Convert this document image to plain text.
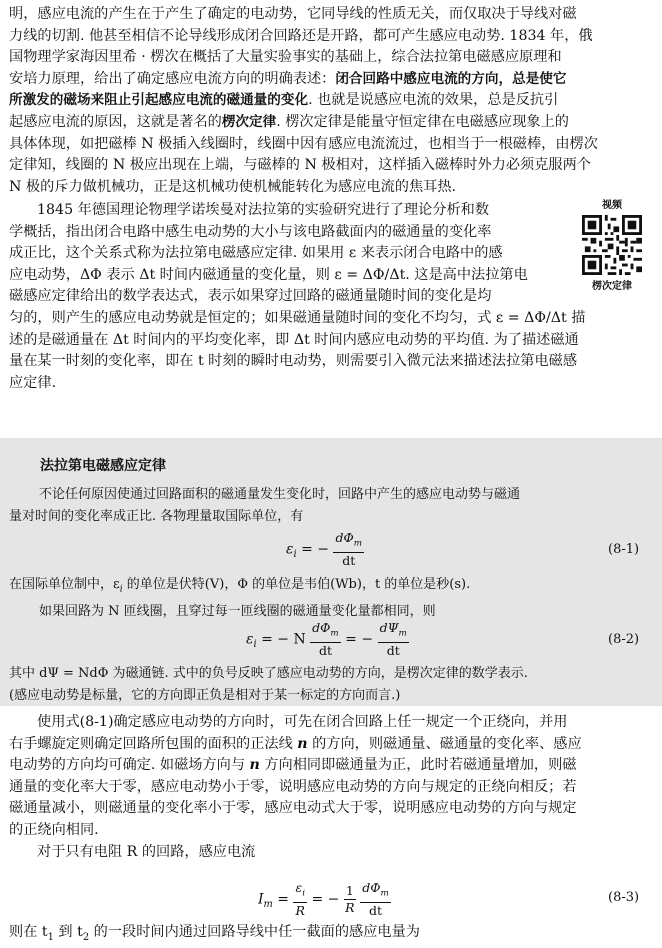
明，感应电流的产生在于产生了确定的电动势，它同导线的性质无关，而仅取决于导线对磁
力线的切割. 他甚至相信不论导线形成闭合回路还是开路，都可产生感应电动势. 1834 年，俄
国物理学家海因里希 · 楞次在概括了大量实验事实的基础上，综合法拉第电磁感应原理和
安培力原理，给出了确定感应电流方向的明确表述：闭合回路中感应电流的方向，总是使它
所激发的磁场来阻止引起感应电流的磁通量的变化. 也就是说感应电流的效果，总是反抗引
起感应电流的原因，这就是著名的楞次定律. 楞次定律是能量守恒定律在电磁感应现象上的
具体体现，如把磁棒 N 极插入线圈时，线圈中因有感应电流流过，也相当于一根磁棒，由楞次
定律知，线圈的 N 极应出现在上端，与磁棒的 N 极相对，这样插入磁棒时外力必须克服两个
N 极的斥力做机械功，正是这机械功使机械能转化为感应电流的焦耳热.
1845 年德国理论物理学诺埃曼对法拉第的实验研究进行了理论分析和数
学概括，指出闭合电路中感生电动势的大小与该电路截面内的磁通量的变化率
成正比，这个关系式称为法拉第电磁感应定律. 如果用 ε 来表示闭合电路中的感
应电动势，ΔΦ 表示 Δt 时间内磁通量的变化量，则 ε = ΔΦ/Δt. 这是高中法拉第电
磁感应定律给出的数学表达式，表示如果穿过回路的磁通量随时间的变化是均
匀的，则产生的感应电动势就是恒定的；如果磁通量随时间的变化不均匀，式 ε = ΔΦ/Δt 描
述的是磁通量在 Δt 时间内的平均变化率，即 Δt 时间内感应电动势的平均值. 为了描述磁通
量在某一时刻的变化率，即在 t 时刻的瞬时电动势，则需要引入微元法来描述法拉第电磁感
应定律.
视频
楞次定律
法拉第电磁感应定律
不论任何原因使通过回路面积的磁通量发生变化时，回路中产生的感应电动势与磁通
量对时间的变化率成正比. 各物理量取国际单位，有
$\varepsilon_i$ = − $\frac{d\Phi_m}{dt}$	(8-1)
在国际单位制中，$\varepsilon_i$ 的单位是伏特(V)，Φ 的单位是韦伯(Wb)，t 的单位是秒(s).
如果回路为 N 匝线圈，且穿过每一匝线圈的磁通量变化量都相同，则
$\varepsilon_i$ = − N $\frac{d\Phi_m}{dt}$ = − $\frac{d\Psi_m}{dt}$	(8-2)
其中 dΨ = NdΦ 为磁通链. 式中的负号反映了感应电动势的方向，是楞次定律的数学表示.
(感应电动势是标量，它的方向即正负是相对于某一标定的方向而言.)
使用式(8-1)确定感应电动势的方向时，可先在闭合回路上任一规定一个正绕向，并用
右手螺旋定则确定回路所包围的面积的正法线 n 的方向，则磁通量、磁通量的变化率、感应
电动势的方向均可确定. 如磁场方向与 n 方向相同即磁通量为正，此时若磁通量增加，则磁
通量的变化率大于零，感应电动势小于零，说明感应电动势的方向与规定的正绕向相反；若
磁通量减小，则磁通量的变化率小于零，感应电动式大于零，说明感应电动势的方向与规定
的正绕向相同.
对于只有电阻 R 的回路，感应电流
$I_m = \frac{\varepsilon_i}{R}$ = − $\frac{1}{R}$
$\frac{d\Phi_m}{dt}$	(8-3)
则在 $t_1$ 到 $t_2$ 的一段时间内通过回路导线中任一截面的感应电量为
